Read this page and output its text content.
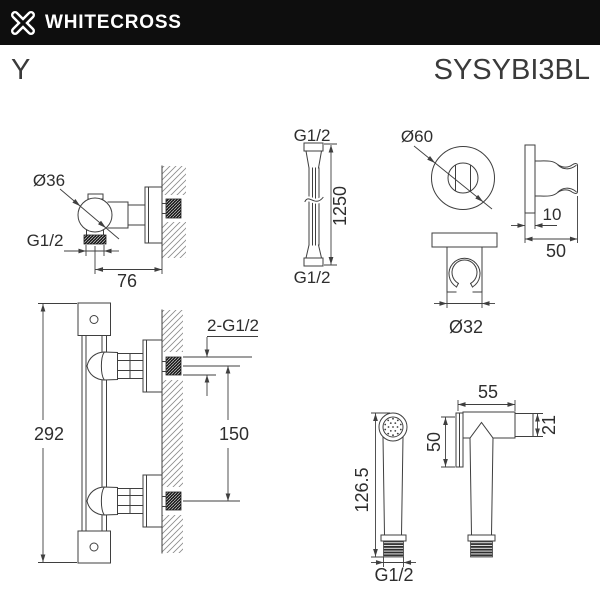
WHITECROSS
Y	SYSYBI3BL
Ø36
G1/2
76
G1/2
1250
G1/2
Ø60
10
50
Ø32
292
2-G1/2
150
126.5
G1/2
55
21
50
